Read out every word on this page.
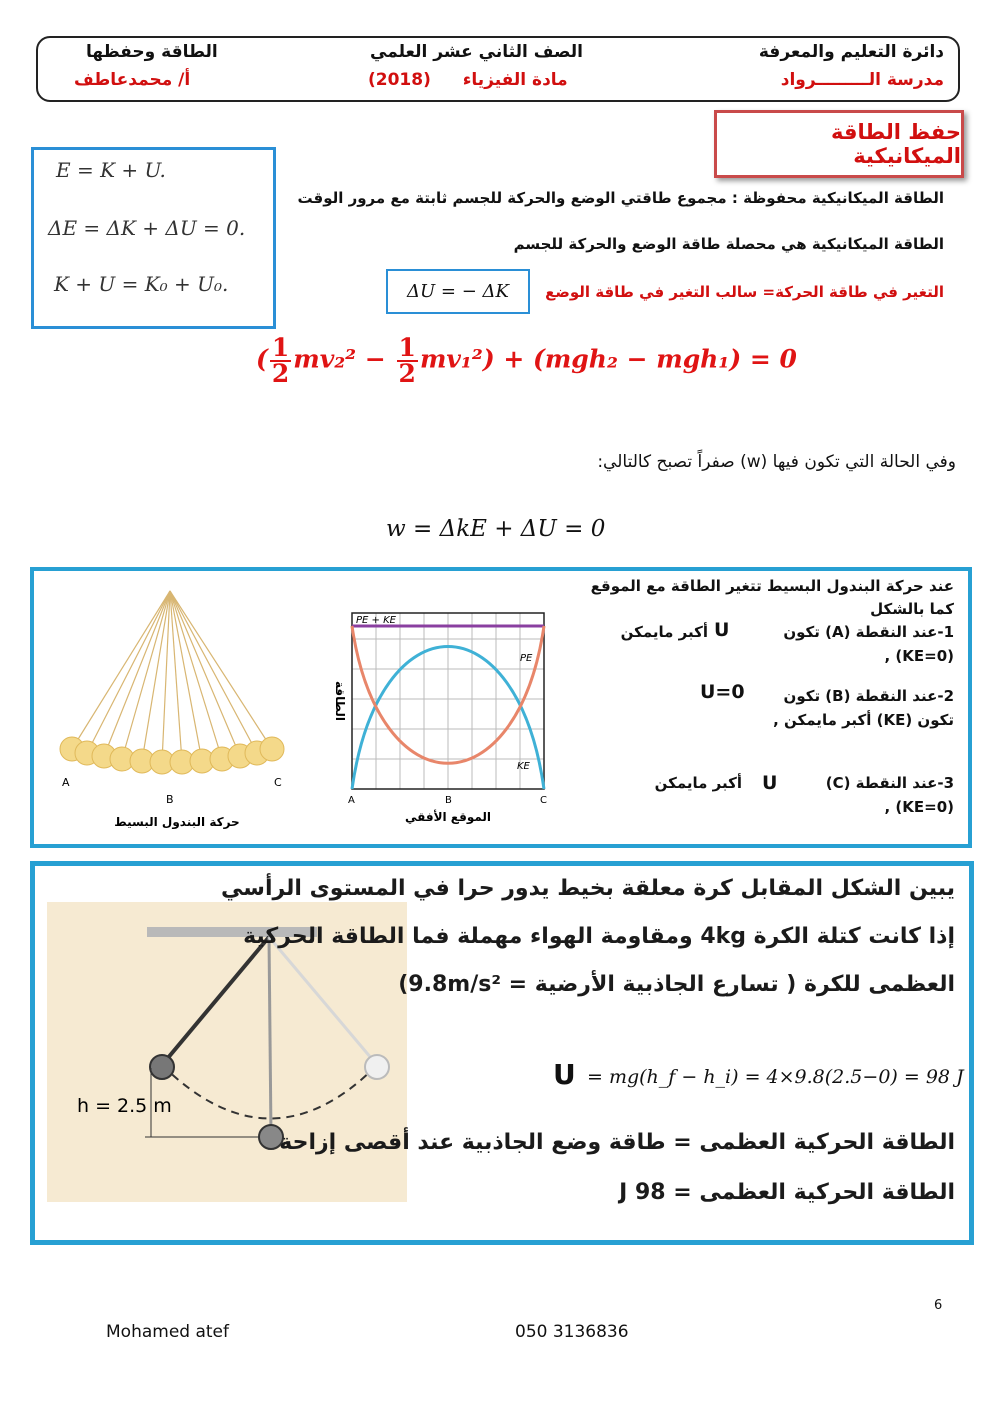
دائرة التعليم والمعرفة
مدرسة الـــــــــرواد
الصف الثاني عشر العلمي
(2018) مادة الفيزياء
الطاقة وحفظها
أ/ محمدعاطف
حفظ الطاقة الميكانيكية
E = K + U.
ΔE = ΔK + ΔU = 0.
K + U = K₀ + U₀.
الطاقة الميكانيكية محفوظة : مجموع طاقتي الوضع والحركة للجسم ثابتة مع مرور الوقت
الطاقة الميكانيكية هي محصلة طاقة الوضع والحركة للجسم
التغير في طاقة الحركة= سالب التغير في طاقة الوضع
ΔU = − ΔK
( $\frac{1}{2} mv_2^2 - \frac{1}{2} mv_1^2) + (mgh_2 - mgh_1) = 0$
وفي الحالة التي تكون فيها (w) صفراً تصبح كالتالي:
w = ΔkE + ΔU = 0
A
B
C
حركة البندول البسيط
PE + KE
PE
KE
A	B	C
الموقع الأفقي
الطاقة
عند حركة البندول البسيط تتغير الطاقة مع الموقع
كما بالشكل
1-عند النقطة (A) تكون
U
أكبر مايمكن
(KE=0) ,
2-عند النقطة (B) تكون
U=0
تكون (KE) أكبر مايمكن ,
3-عند النقطة (C)
U
أكبر مايمكن
(KE=0) ,
h = 2.5 m
يبين الشكل المقابل كرة معلقة بخيط يدور حرا في المستوى الرأسي
إذا كانت كتلة الكرة 4kg ومقاومة الهواء مهملة فما الطاقة الحركية
العظمى للكرة ( تسارع الجاذبية الأرضية = 9.8m/s²)
U = mg(h_f − h_i) = 4×9.8(2.5−0) = 98 J
الطاقة الحركية العظمى = طاقة وضع الجاذبية عند أقصى إزاحة
الطاقة الحركية العظمى = 98 J
6
Mohamed atef	050 3136836
